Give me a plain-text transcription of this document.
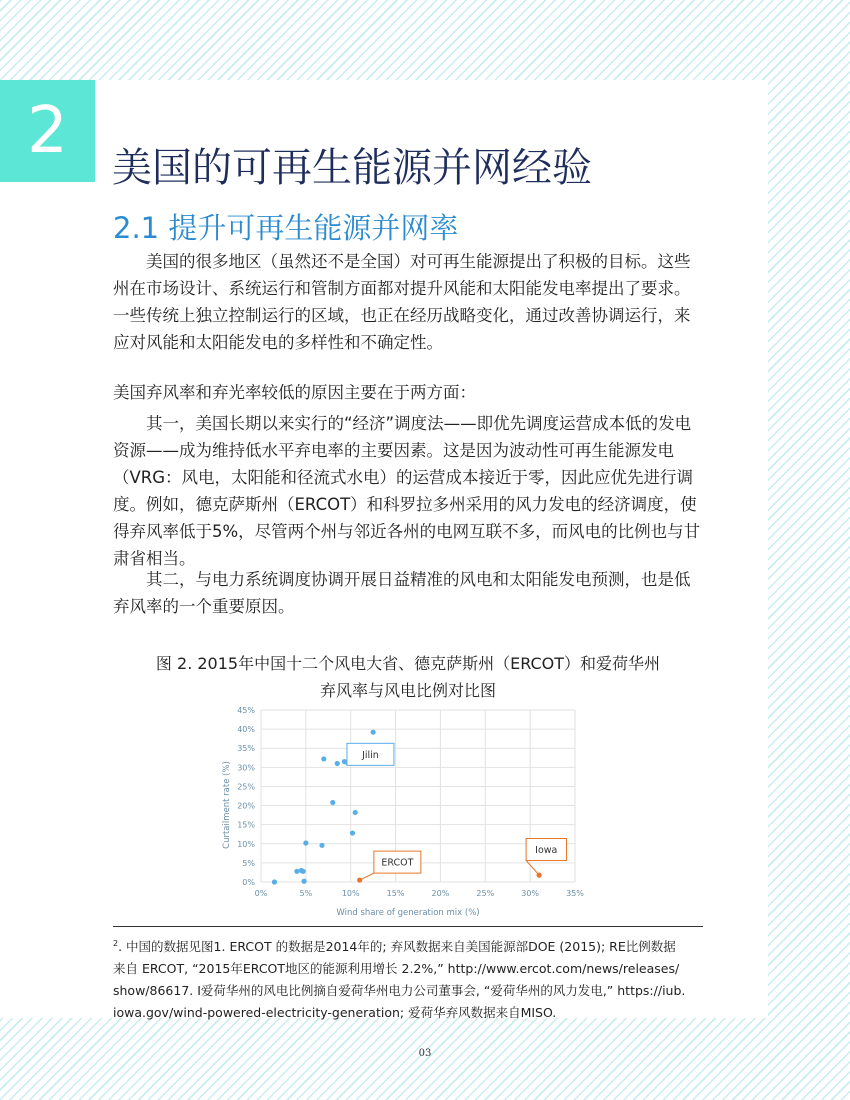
2	美国的可再生能源并网经验
2.1 提升可再生能源并网率

美国的很多地区（虽然还不是全国）对可再生能源提出了积极的目标。这些州在市场设计、系统运行和管制方面都对提升风能和太阳能发电率提出了要求。一些传统上独立控制运行的区域，也正在经历战略变化，通过改善协调运行，来应对风能和太阳能发电的多样性和不确定性。

美国弃风率和弃光率较低的原因主要在于两方面：

其一，美国长期以来实行的“经济”调度法——即优先调度运营成本低的发电资源——成为维持低水平弃电率的主要因素。这是因为波动性可再生能源发电（VRG：风电，太阳能和径流式水电）的运营成本接近于零，因此应优先进行调度。例如，德克萨斯州（ERCOT）和科罗拉多州采用的风力发电的经济调度，使得弃风率低于5%，尽管两个州与邻近各州的电网互联不多，而风电的比例也与甘肃省相当。

其二，与电力系统调度协调开展日益精准的风电和太阳能发电预测，也是低弃风率的一个重要原因。

图 2. 2015年中国十二个风电大省、德克萨斯州（ERCOT）和爱荷华州
弃风率与风电比例对比图
0%	5%	10%	15%	20%	25%	30%	35%
0%
5%
10%
15%
20%
25%
30%
35%
40%
45%
Jilin
ERCOT
Iowa
Wind share of generation mix (%)
Curtailment rate (%)
$^2$. 中国的数据见图1. ERCOT 的数据是2014年的; 弃风数据来自美国能源部DOE (2015); RE比例数据
来自 ERCOT, “2015年ERCOT地区的能源利用增长 2.2%,” http://www.ercot.com/news/releases/
show/86617. I爱荷华州的风电比例摘自爱荷华州电力公司董事会, “爱荷华州的风力发电,” https://iub.
iowa.gov/wind-powered-electricity-generation; 爱荷华弃风数据来自MISO.
03
